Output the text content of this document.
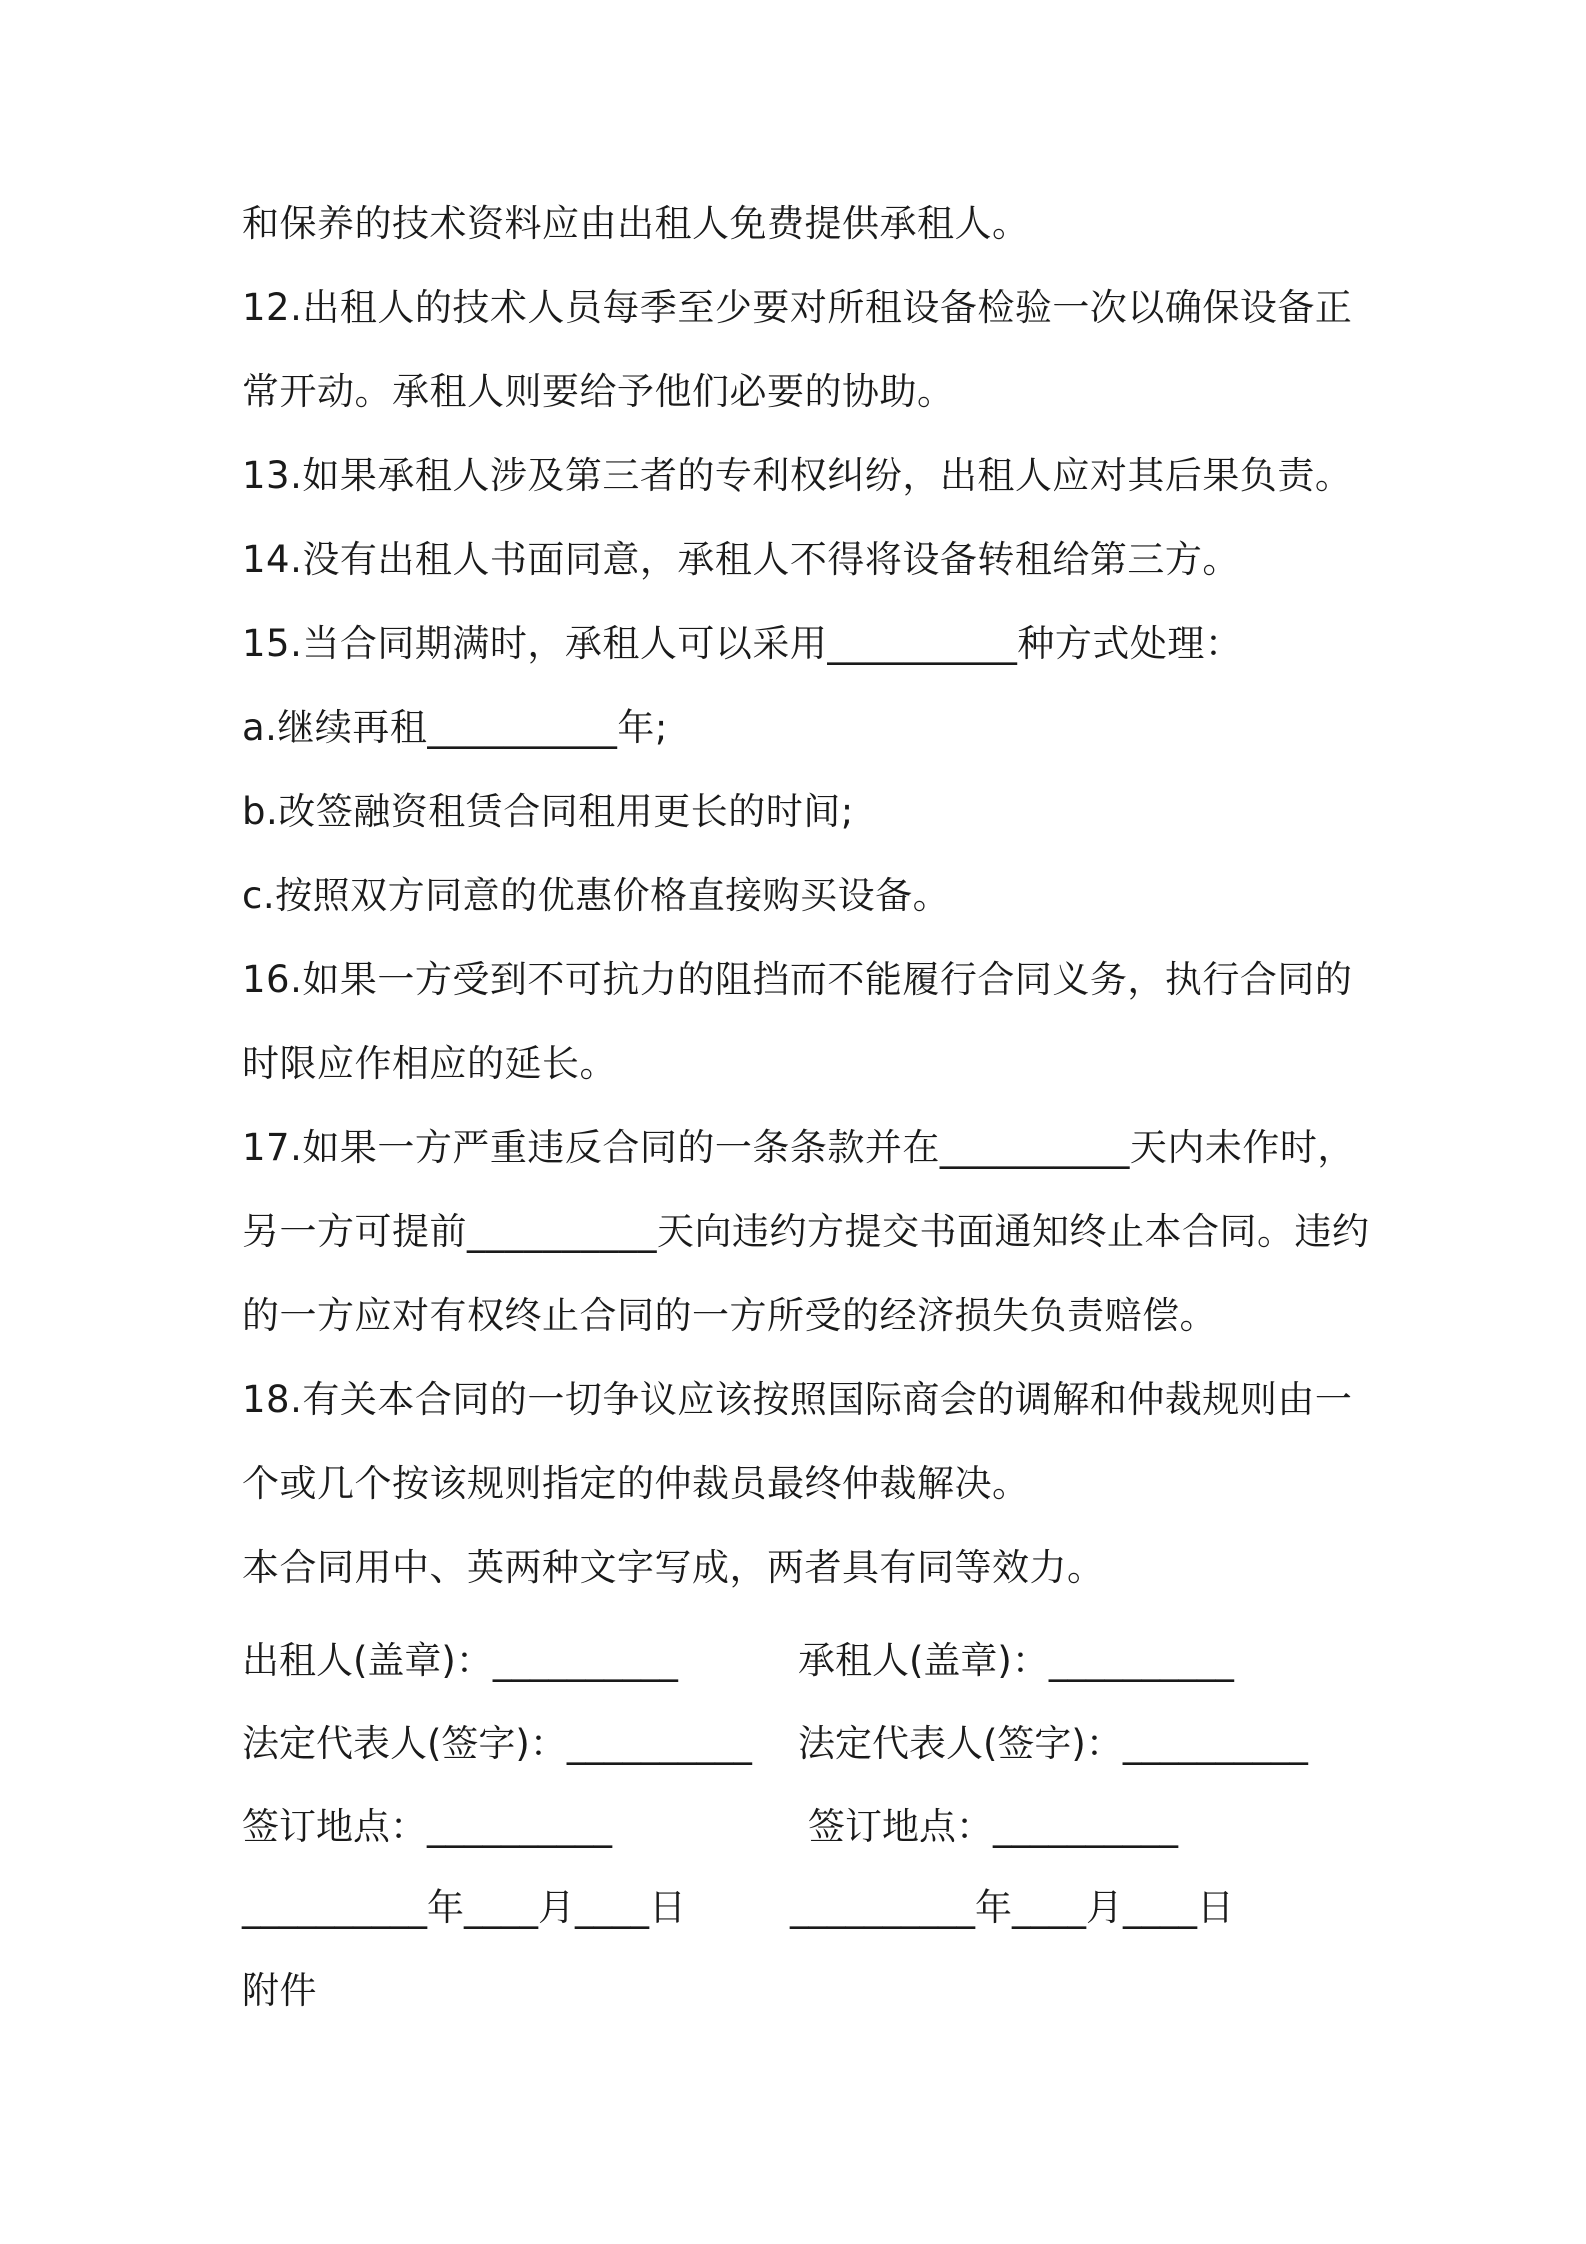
和保养的技术资料应由出租人免费提供承租人。
12.出租人的技术人员每季至少要对所租设备检验一次以确保设备正
常开动。承租人则要给予他们必要的协助。
13.如果承租人涉及第三者的专利权纠纷，出租人应对其后果负责。
14.没有出租人书面同意，承租人不得将设备转租给第三方。
15.当合同期满时，承租人可以采用__________种方式处理：
a.继续再租__________年;
b.改签融资租赁合同租用更长的时间;
c.按照双方同意的优惠价格直接购买设备。
16.如果一方受到不可抗力的阻挡而不能履行合同义务，执行合同的
时限应作相应的延长。
17.如果一方严重违反合同的一条条款并在__________天内未作时，
另一方可提前__________天向违约方提交书面通知终止本合同。违约
的一方应对有权终止合同的一方所受的经济损失负责赔偿。
18.有关本合同的一切争议应该按照国际商会的调解和仲裁规则由一
个或几个按该规则指定的仲裁员最终仲裁解决。
本合同用中、英两种文字写成，两者具有同等效力。
出租人(盖章)：__________	承租人(盖章)：__________
法定代表人(签字)：__________ 法定代表人(签字)：__________
签订地点：__________	签订地点：__________
__________年____月____日	__________年____月____日
附件
